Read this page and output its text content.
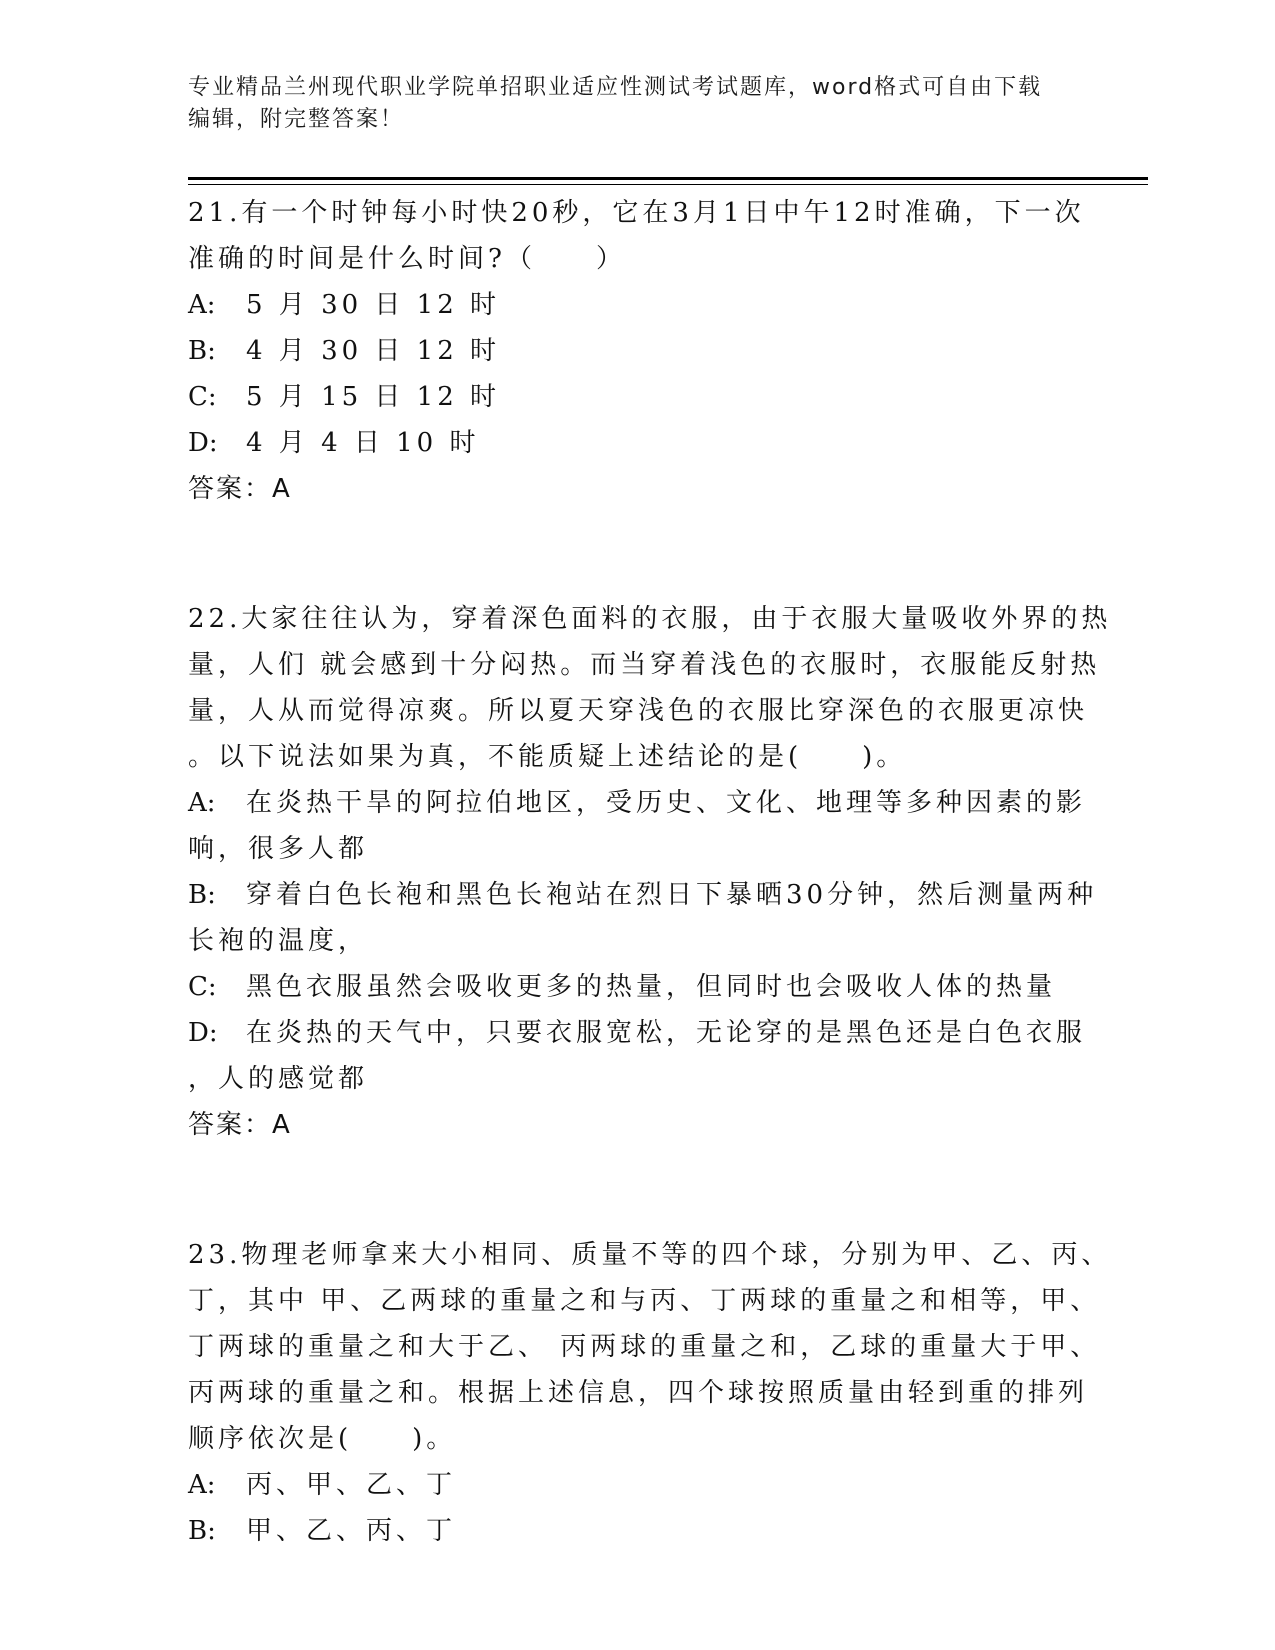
专业精品兰州现代职业学院单招职业适应性测试考试题库，word格式可自由下载
编辑，附完整答案！
21.有一个时钟每小时快20秒，它在3月1日中午12时准确，下一次
准确的时间是什么时间?（　　）
A: 5 月 30 日 12 时
B: 4 月 30 日 12 时
C: 5 月 15 日 12 时
D: 4 月 4 日 10 时
答案：A
22.大家往往认为，穿着深色面料的衣服，由于衣服大量吸收外界的热
量，人们 就会感到十分闷热。而当穿着浅色的衣服时，衣服能反射热
量，人从而觉得凉爽。所以夏天穿浅色的衣服比穿深色的衣服更凉快
。以下说法如果为真，不能质疑上述结论的是(　　)。
A: 在炎热干旱的阿拉伯地区，受历史、文化、地理等多种因素的影
响，很多人都
B: 穿着白色长袍和黑色长袍站在烈日下暴晒30分钟，然后测量两种
长袍的温度，
C: 黑色衣服虽然会吸收更多的热量，但同时也会吸收人体的热量
D: 在炎热的天气中，只要衣服宽松，无论穿的是黑色还是白色衣服
，人的感觉都
答案：A
23.物理老师拿来大小相同、质量不等的四个球，分别为甲、乙、丙、
丁，其中 甲、乙两球的重量之和与丙、丁两球的重量之和相等，甲、
丁两球的重量之和大于乙、 丙两球的重量之和，乙球的重量大于甲、
丙两球的重量之和。根据上述信息，四个球按照质量由轻到重的排列
顺序依次是(　　)。
A: 丙、甲、乙、丁
B: 甲、乙、丙、丁
